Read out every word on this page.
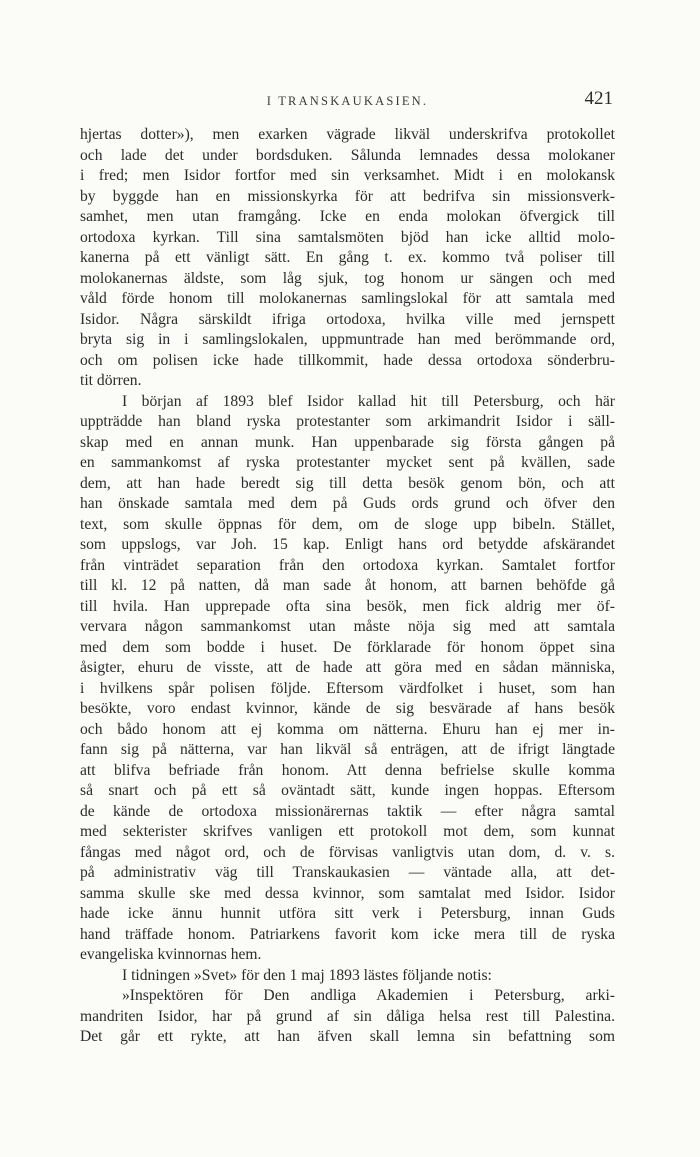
I TRANSKAUKASIEN.	421
hjertas dotter»), men exarken vägrade likväl underskrifva protokollet
och lade det under bordsduken. Sålunda lemnades dessa molokaner
i fred; men Isidor fortfor med sin verksamhet. Midt i en molokansk
by byggde han en missionskyrka för att bedrifva sin missionsverk-
samhet, men utan framgång. Icke en enda molokan öfvergick till
ortodoxa kyrkan. Till sina samtalsmöten bjöd han icke alltid molo-
kanerna på ett vänligt sätt. En gång t. ex. kommo två poliser till
molokanernas äldste, som låg sjuk, tog honom ur sängen och med
våld förde honom till molokanernas samlingslokal för att samtala med
Isidor. Några särskildt ifriga ortodoxa, hvilka ville med jernspett
bryta sig in i samlingslokalen, uppmuntrade han med berömmande ord,
och om polisen icke hade tillkommit, hade dessa ortodoxa sönderbru-
tit dörren.
I början af 1893 blef Isidor kallad hit till Petersburg, och här
uppträdde han bland ryska protestanter som arkimandrit Isidor i säll-
skap med en annan munk. Han uppenbarade sig första gången på
en sammankomst af ryska protestanter mycket sent på kvällen, sade
dem, att han hade beredt sig till detta besök genom bön, och att
han önskade samtala med dem på Guds ords grund och öfver den
text, som skulle öppnas för dem, om de sloge upp bibeln. Stället,
som uppslogs, var Joh. 15 kap. Enligt hans ord betydde afskärandet
från vinträdet separation från den ortodoxa kyrkan. Samtalet fortfor
till kl. 12 på natten, då man sade åt honom, att barnen behöfde gå
till hvila. Han upprepade ofta sina besök, men fick aldrig mer öf-
vervara någon sammankomst utan måste nöja sig med att samtala
med dem som bodde i huset. De förklarade för honom öppet sina
åsigter, ehuru de visste, att de hade att göra med en sådan människa,
i hvilkens spår polisen följde. Eftersom värdfolket i huset, som han
besökte, voro endast kvinnor, kände de sig besvärade af hans besök
och bådo honom att ej komma om nätterna. Ehuru han ej mer in-
fann sig på nätterna, var han likväl så enträgen, att de ifrigt längtade
att blifva befriade från honom. Att denna befrielse skulle komma
så snart och på ett så oväntadt sätt, kunde ingen hoppas. Eftersom
de kände de ortodoxa missionärernas taktik — efter några samtal
med sekterister skrifves vanligen ett protokoll mot dem, som kunnat
fångas med något ord, och de förvisas vanligtvis utan dom, d. v. s.
på administrativ väg till Transkaukasien — väntade alla, att det-
samma skulle ske med dessa kvinnor, som samtalat med Isidor. Isidor
hade icke ännu hunnit utföra sitt verk i Petersburg, innan Guds
hand träffade honom. Patriarkens favorit kom icke mera till de ryska
evangeliska kvinnornas hem.
I tidningen »Svet» för den 1 maj 1893 lästes följande notis:
»Inspektören för Den andliga Akademien i Petersburg, arki-
mandriten Isidor, har på grund af sin dåliga helsa rest till Palestina.
Det går ett rykte, att han äfven skall lemna sin befattning som
